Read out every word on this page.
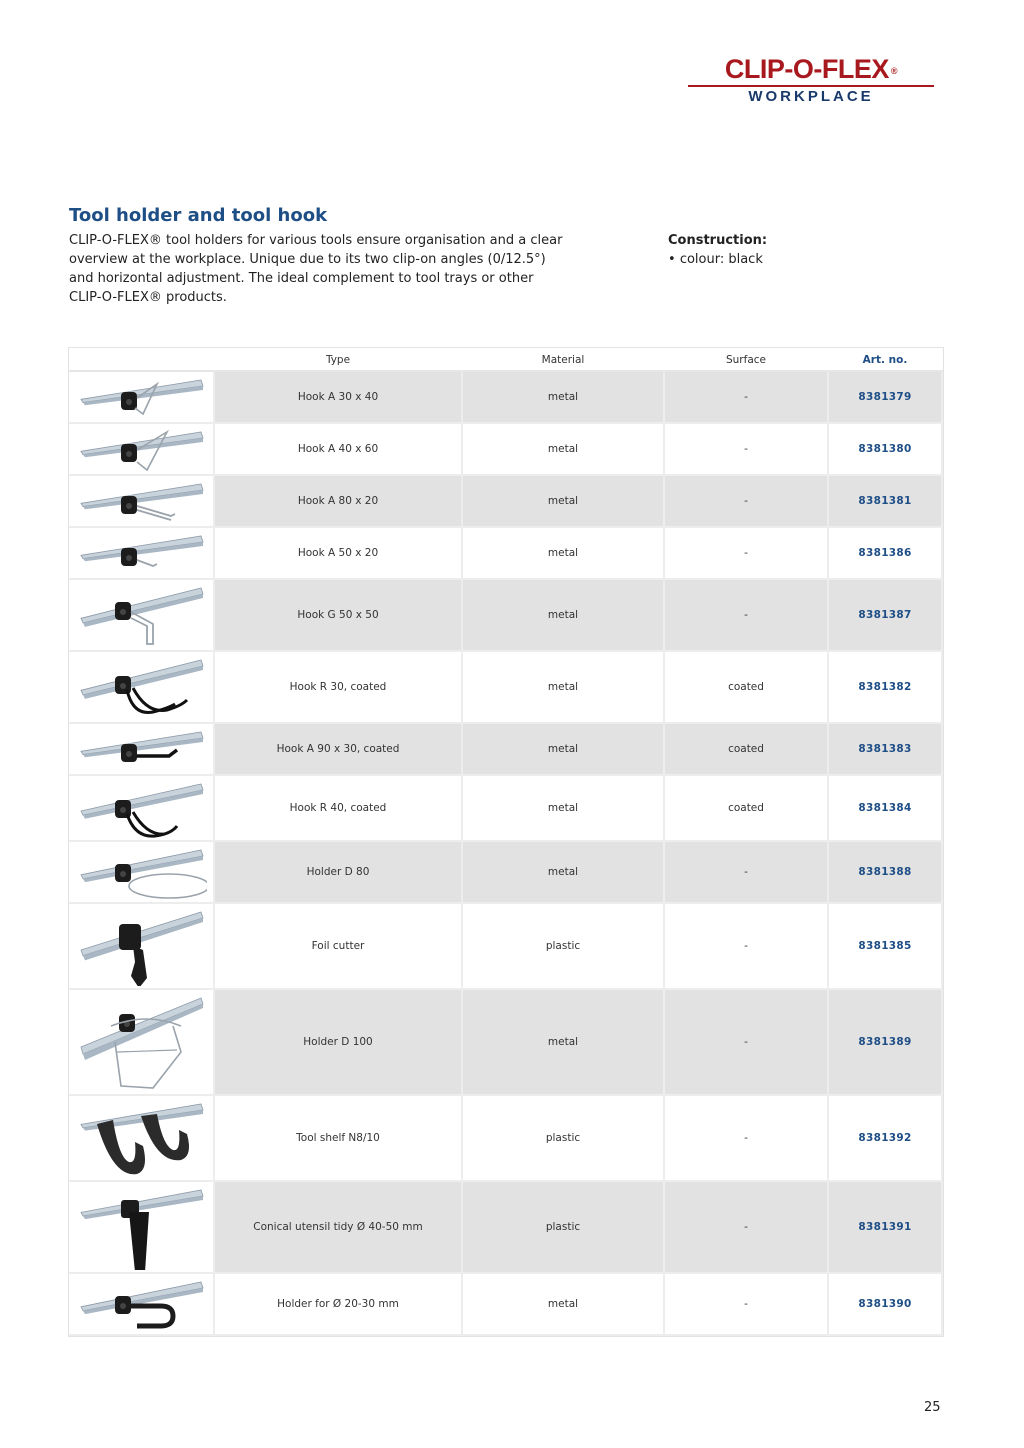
CLIP-O-FLEX ®
WORKPLACE
Tool holder and tool hook

CLIP-O-FLEX® tool holders for various tools ensure organisation and a clear

overview at the workplace. Unique due to its two clip-on angles (0/12.5°)

and horizontal adjustment. The ideal complement to tool trays or other

CLIP-O-FLEX® products.

Construction:
• colour: black
	Type	Material	Surface	Art. no.

	Hook A 30 x 40	metal	-	8381379

	Hook A 40 x 60	metal	-	8381380

	Hook A 80 x 20	metal	-	8381381

	Hook A 50 x 20	metal	-	8381386

	Hook G 50 x 50	metal	-	8381387

	Hook R 30, coated	metal	coated	8381382

	Hook A 90 x 30, coated	metal	coated	8381383

	Hook R 40, coated	metal	coated	8381384

	Holder D 80	metal	-	8381388

	Foil cutter	plastic	-	8381385

	Holder D 100	metal	-	8381389

	Tool shelf N8/10	plastic	-	8381392

	Conical utensil tidy Ø 40-50 mm	plastic	-	8381391

	Holder for Ø 20-30 mm	metal	-	8381390
25
